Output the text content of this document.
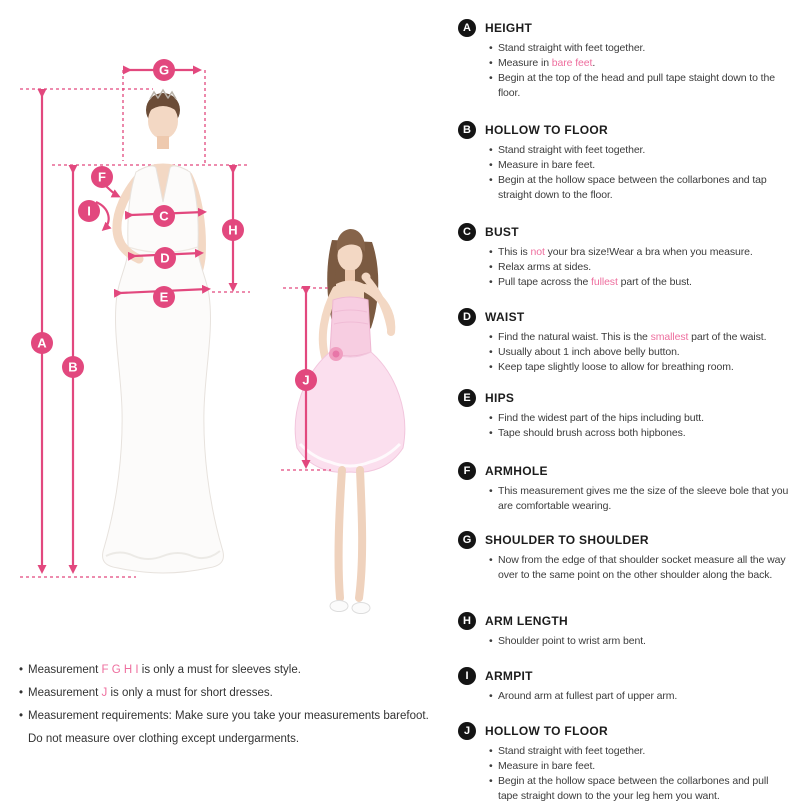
A
B
C
D
E
F
G
H
I
J
A	HEIGHT
• Stand straight with feet together.
• Measure in bare feet.
• Begin at the top of the head and pull tape staight down to the floor.
B	HOLLOW TO FLOOR
• Stand straight with feet together.
• Measure in bare feet.
• Begin at the hollow space between the collarbones and tap straight down to the floor.
C	BUST
• This is not your bra size!Wear a bra when you measure.
• Relax arms at sides.
• Pull tape across the fullest part of the bust.
D	WAIST
• Find the natural waist. This is the smallest part of the waist.
• Usually about 1 inch above belly button.
• Keep tape slightly loose to allow for breathing room.
E	HIPS
• Find the widest part of the hips including butt.
• Tape should brush across both hipbones.
F	ARMHOLE
• This measurement gives me the size of the sleeve bole that you are comfortable wearing.
G	SHOULDER TO SHOULDER
• Now from the edge of that shoulder socket measure all the way over to the same point on the other shoulder along the back.
H	ARM LENGTH
• Shoulder point to wrist arm bent.
I	ARMPIT
• Around arm at fullest part of upper arm.
J	HOLLOW TO FLOOR
• Stand straight with feet together.
• Measure in bare feet.
• Begin at the hollow space between the collarbones and pull tape straight down to the your leg hem you want.
• Measurement F G H I is only a must for sleeves style.
• Measurement J is only a must for short dresses.
• Measurement requirements: Make sure you take your measurements barefoot.
Do not measure over clothing except undergarments.
